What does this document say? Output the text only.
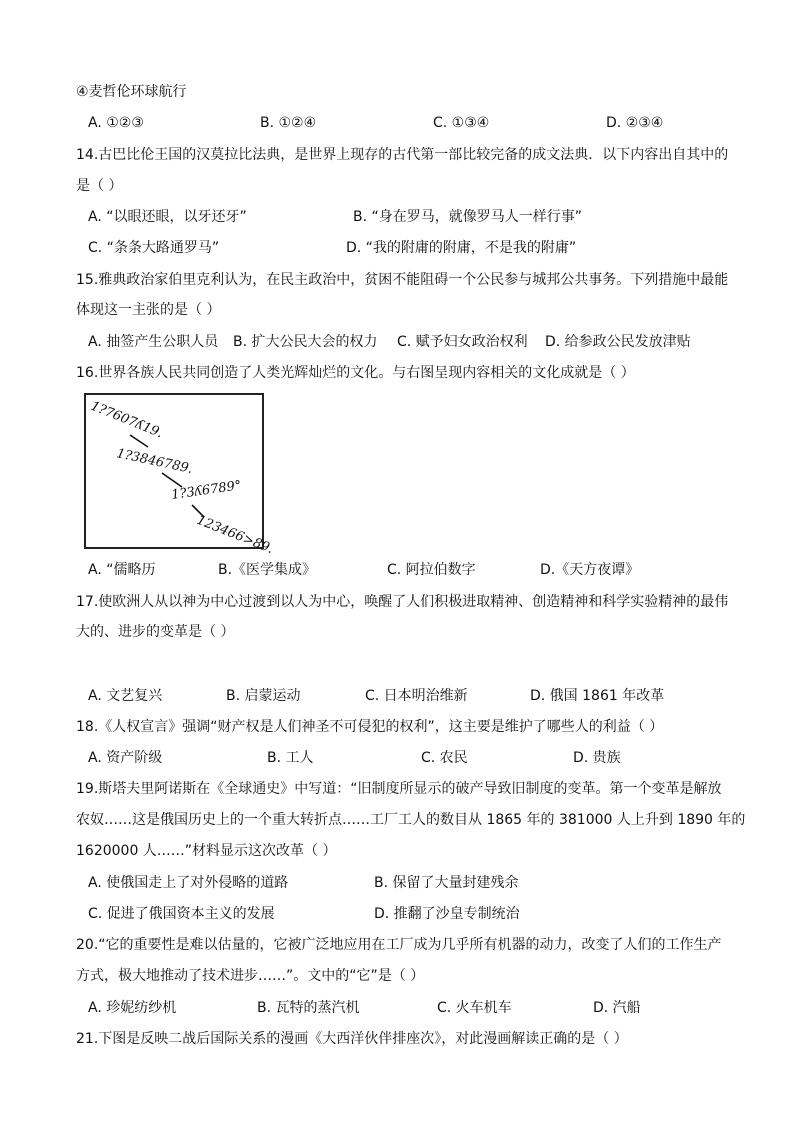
④麦哲伦环球航行
A. ①②③	B. ①②④	C. ①③④	D. ②③④
14.古巴比伦王国的汉莫拉比法典，是世界上现存的古代第一部比较完备的成文法典．以下内容出自其中的
是（ ）
A. “以眼还眼，以牙还牙”	B. “身在罗马，就像罗马人一样行事”
C. “条条大路通罗马”	D. “我的附庸的附庸，不是我的附庸”
15.雅典政治家伯里克利认为，在民主政治中，贫困不能阻碍一个公民参与城邦公共事务。下列措施中最能
体现这一主张的是（ ）
A. 抽签产生公职人员 B. 扩大公民大会的权力 C. 赋予妇女政治权利 D. 给参政公民发放津贴
16.世界各族人民共同创造了人类光辉灿烂的文化。与右图呈现内容相关的文化成就是（ ）
1?7607ʎ19.
1?3846789.
1?3ʎ6789°
123466>89.
A. “儒略历	B.《医学集成》	C. 阿拉伯数字	D.《天方夜谭》
17.使欧洲人从以神为中心过渡到以人为中心，唤醒了人们积极进取精神、创造精神和科学实验精神的最伟
大的、进步的变革是（ ）
A. 文艺复兴	B. 启蒙运动	C. 日本明治维新	D. 俄国 1861 年改革
18.《人权宣言》强调“财产权是人们神圣不可侵犯的权利”，这主要是维护了哪些人的利益（ ）
A. 资产阶级	B. 工人	C. 农民	D. 贵族
19.斯塔夫里阿诺斯在《全球通史》中写道：“旧制度所显示的破产导致旧制度的变革。第一个变革是解放
农奴……这是俄国历史上的一个重大转折点……工厂工人的数目从 1865 年的 381000 人上升到 1890 年的
1620000 人……”材料显示这次改革（ ）
A. 使俄国走上了对外侵略的道路	B. 保留了大量封建残余
C. 促进了俄国资本主义的发展	D. 推翻了沙皇专制统治
20.“它的重要性是难以估量的，它被广泛地应用在工厂成为几乎所有机器的动力，改变了人们的工作生产
方式，极大地推动了技术进步……”。文中的“它”是（ ）
A. 珍妮纺纱机	B. 瓦特的蒸汽机	C. 火车机车	D. 汽船
21.下图是反映二战后国际关系的漫画《大西洋伙伴排座次》，对此漫画解读正确的是（ ）
